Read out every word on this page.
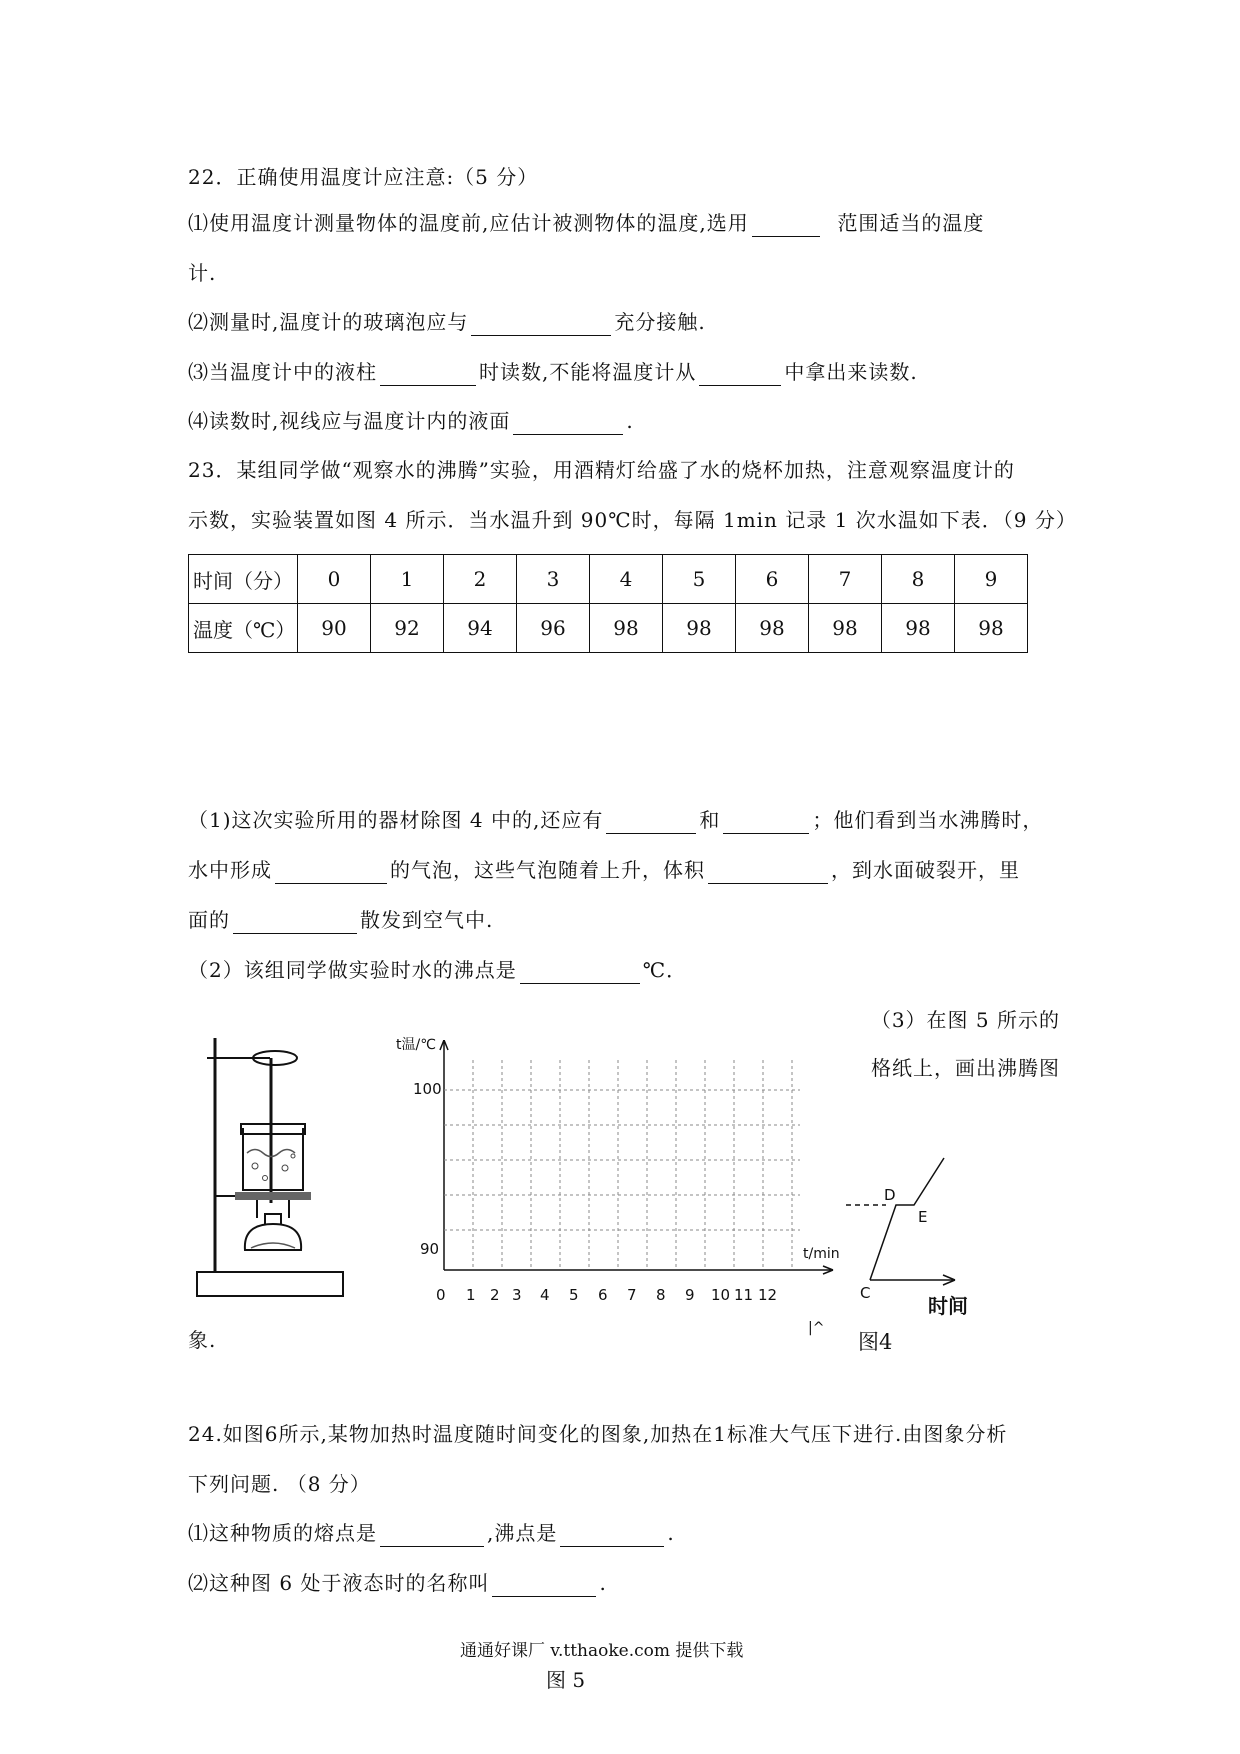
22．正确使用温度计应注意:（5 分）
⑴使用温度计测量物体的温度前,应估计被测物体的温度,选用	范围适当的温度
计.
⑵测量时,温度计的玻璃泡应与	充分接触.
⑶当温度计中的液柱	时读数,不能将温度计从	中拿出来读数.
⑷读数时,视线应与温度计内的液面	.
23．某组同学做“观察水的沸腾”实验，用酒精灯给盛了水的烧杯加热，注意观察温度计的
示数，实验装置如图 4 所示．当水温升到 90℃时，每隔 1min 记录 1 次水温如下表．（9 分）
时间（分）	0	1	2	3	4	5	6	7	8	9
温度（℃）	90	92	94	96	98	98	98	98	98	98
（1)这次实验所用的器材除图 4 中的,还应有	和	；他们看到当水沸腾时，
水中形成	的气泡，这些气泡随着上升，体积	，到水面破裂开，里
面的	散发到空气中.
（2）该组同学做实验时水的沸点是	℃．
（3）在图 5 所示的
格纸上，画出沸腾图
象.
t温/℃
100
90	t/min
0 1 2 3 4 5 6 7 8 9 10 11 12
D
E
C
时间
|^
图4
24.如图6所示,某物加热时温度随时间变化的图象,加热在1标准大气压下进行.由图象分析
下列问题. （8 分）
⑴这种物质的熔点是	,沸点是	.
⑵这种图 6 处于液态时的名称叫	.
通通好课厂 v.tthaoke.com 提供下载
图 5
